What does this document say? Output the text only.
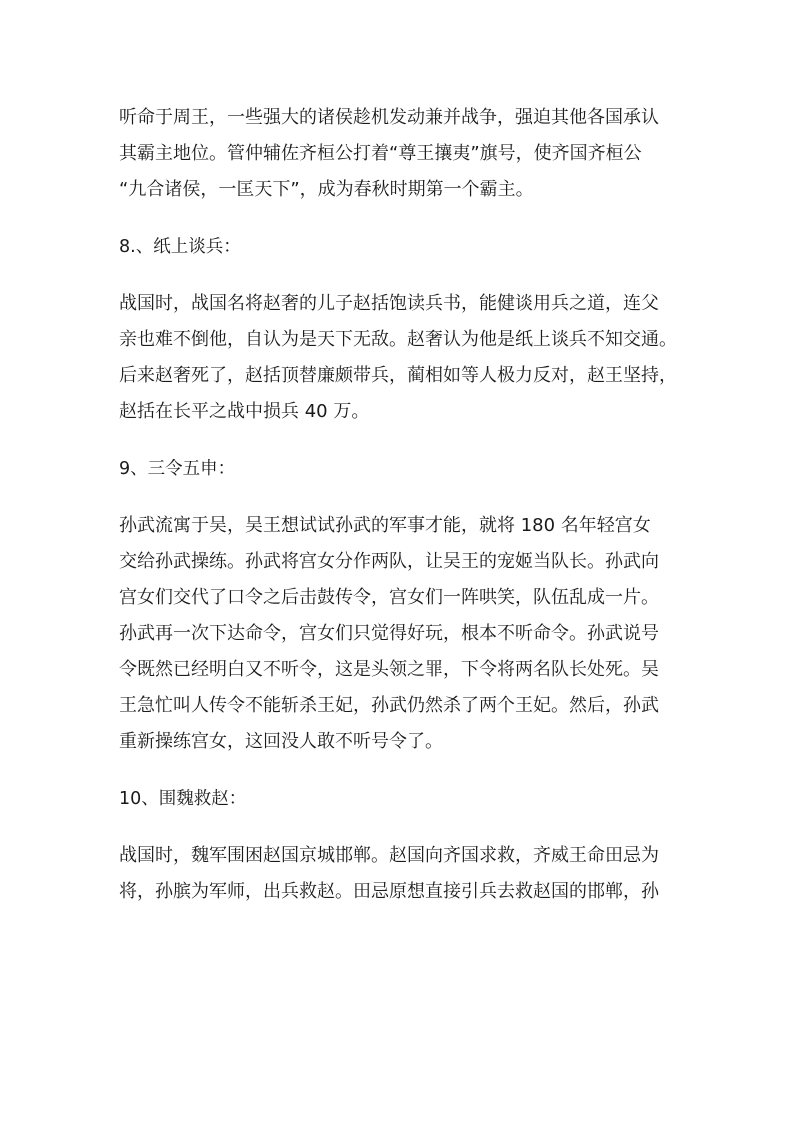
听命于周王，一些强大的诸侯趁机发动兼并战争，强迫其他各国承认
其霸主地位。管仲辅佐齐桓公打着“尊王攘夷”旗号，使齐国齐桓公
“九合诸侯，一匡天下”，成为春秋时期第一个霸主。
8.、纸上谈兵：
战国时，战国名将赵奢的儿子赵括饱读兵书，能健谈用兵之道，连父
亲也难不倒他，自认为是天下无敌。赵奢认为他是纸上谈兵不知交通。
后来赵奢死了，赵括顶替廉颇带兵，蔺相如等人极力反对，赵王坚持，
赵括在长平之战中损兵 40 万。
9、三令五申：
孙武流寓于吴，吴王想试试孙武的军事才能，就将 180 名年轻宫女
交给孙武操练。孙武将宫女分作两队，让吴王的宠姬当队长。孙武向
宫女们交代了口令之后击鼓传令，宫女们一阵哄笑，队伍乱成一片。
孙武再一次下达命令，宫女们只觉得好玩，根本不听命令。孙武说号
令既然已经明白又不听令，这是头领之罪，下令将两名队长处死。吴
王急忙叫人传令不能斩杀王妃，孙武仍然杀了两个王妃。然后，孙武
重新操练宫女，这回没人敢不听号令了。
10、围魏救赵：
战国时，魏军围困赵国京城邯郸。赵国向齐国求救，齐威王命田忌为
将，孙膑为军师，出兵救赵。田忌原想直接引兵去救赵国的邯郸，孙
